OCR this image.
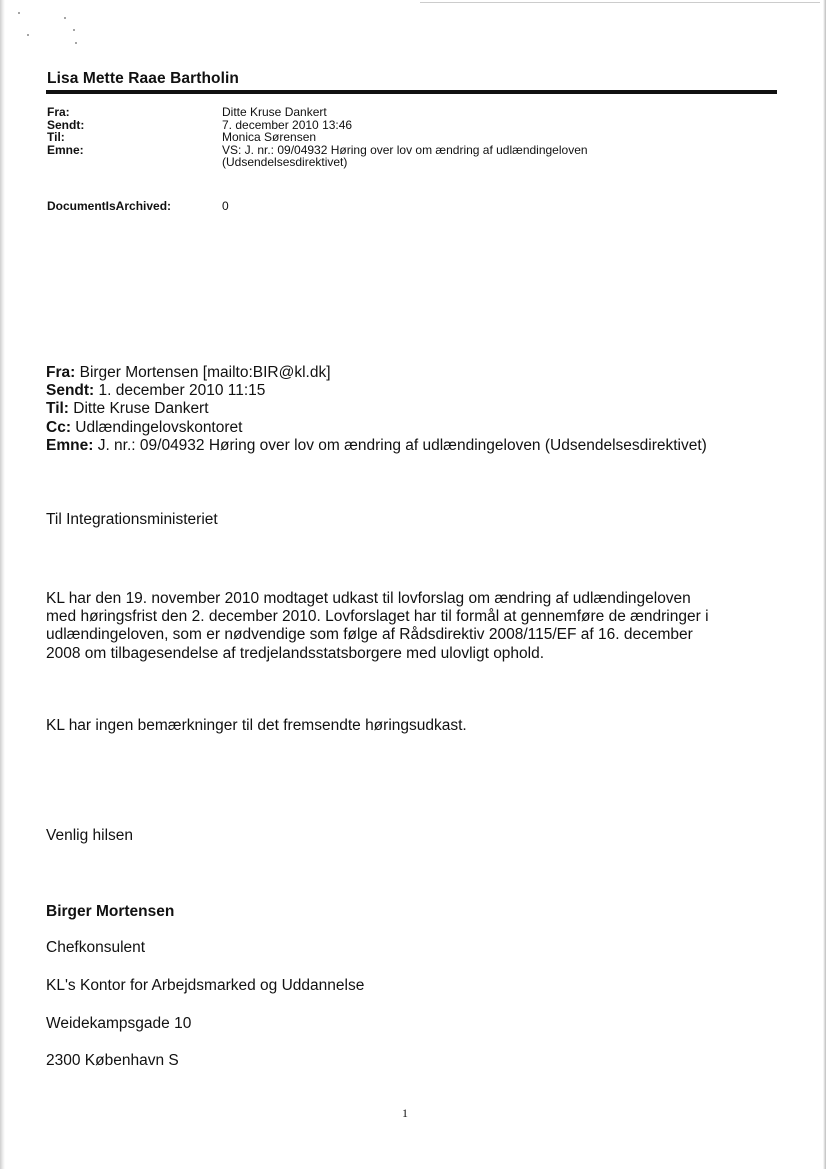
Lisa Mette Raae Bartholin
Fra:	Ditte Kruse Dankert
Sendt:	7. december 2010 13:46
Til:	Monica Sørensen
Emne:	VS: J. nr.: 09/04932 Høring over lov om ændring af udlændingeloven
(Udsendelsesdirektivet)
DocumentIsArchived:	0
Fra: Birger Mortensen [mailto:BIR@kl.dk]
Sendt: 1. december 2010 11:15
Til: Ditte Kruse Dankert
Cc: Udlændingelovskontoret
Emne: J. nr.: 09/04932 Høring over lov om ændring af udlændingeloven (Udsendelsesdirektivet)
Til Integrationsministeriet
KL har den 19. november 2010 modtaget udkast til lovforslag om ændring af udlændingeloven
med høringsfrist den 2. december 2010. Lovforslaget har til formål at gennemføre de ændringer i
udlændingeloven, som er nødvendige som følge af Rådsdirektiv 2008/115/EF af 16. december
2008 om tilbagesendelse af tredjelandsstatsborgere med ulovligt ophold.
KL har ingen bemærkninger til det fremsendte høringsudkast.
Venlig hilsen
Birger Mortensen
Chefkonsulent
KL's Kontor for Arbejdsmarked og Uddannelse
Weidekampsgade 10
2300 København S
1
